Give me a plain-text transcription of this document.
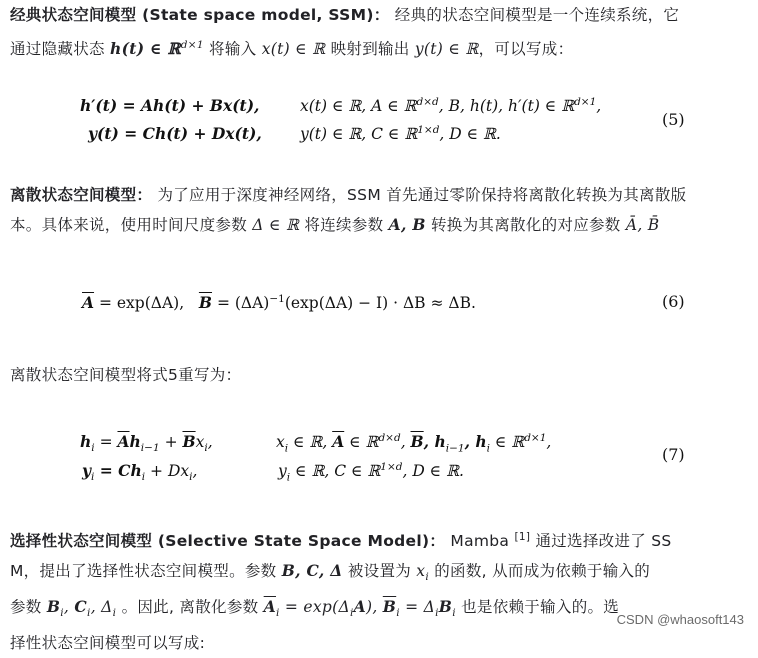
经典状态空间模型 (State space model, SSM)： 经典的状态空间模型是一个连续系统，它
通过隐藏状态 h(t) ∈ ℝ$^{d\times 1}$ 将输入 x(t) ∈ ℝ 映射到输出 y(t) ∈ ℝ，可以写成：
h′(t) = Ah(t) + Bx(t),	x(t) ∈ ℝ, A ∈ ℝ$^{d\times d}$, B, h(t), h′(t) ∈ ℝ$^{d\times 1}$,
y(t) = Ch(t) + Dx(t), y(t) ∈ ℝ, C ∈ ℝ$^{1\times d}$, D ∈ ℝ.
(5)
离散状态空间模型： 为了应用于深度神经网络，SSM 首先通过零阶保持将离散化转换为其离散版
本。具体来说，使用时间尺度参数 Δ ∈ ℝ 将连续参数 A, B 转换为其离散化的对应参数 Ā, B̄
$\overline{A} = \exp(\Delta A)$, $\overline{B} = (\Delta A)^{-1}(\exp(\Delta A) - I) \cdot \Delta B \approx \Delta B$.	(6)
离散状态空间模型将式5重写为：
$h_i = \overline{A}h_{i-1} + \overline{B}x_i$,	$x_i$ ∈ ℝ, $\overline{A}$ ∈ ℝ$^{d\times d}$, $\overline{B}$, $h_{i-1}$, $h_i$ ∈ ℝ$^{d\times 1}$,
$y_i = Ch_i + Dx_i$,	$y_i$ ∈ ℝ, C ∈ ℝ$^{1\times d}$, D ∈ ℝ.
(7)
选择性状态空间模型 (Selective State Space Model)： Mamba [1] 通过选择改进了 SS
M，提出了选择性状态空间模型。参数 B, C, Δ 被设置为 $x_i$ 的函数, 从而成为依赖于输入的
参数 $B_i$, $C_i$, $\Delta_i$ 。因此, 离散化参数 $\overline{A}_i = \exp(\Delta_iA)$, $\overline{B}_i = \Delta_iB_i$ 也是依赖于输入的。选
择性状态空间模型可以写成:
CSDN @whaosoft143
